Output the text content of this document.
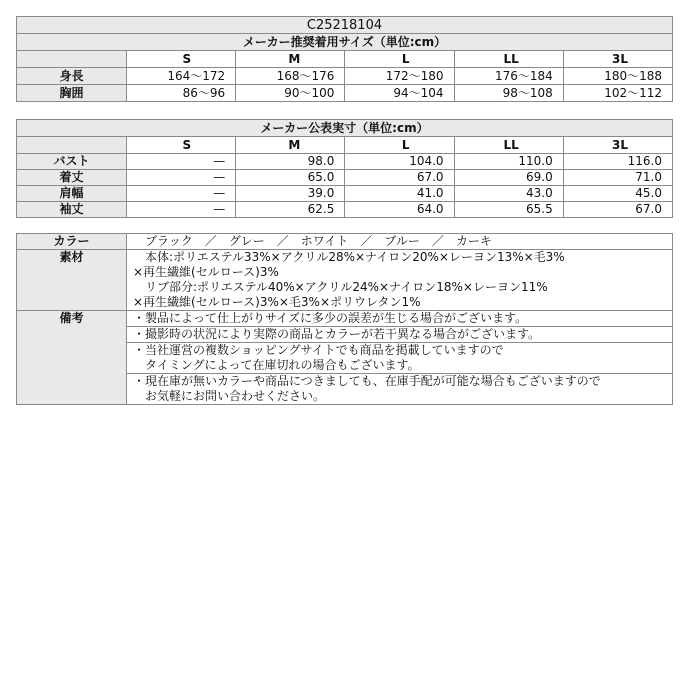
C25218104					
メーカー推奨着用サイズ（単位:cm）					
	S	M	L	LL	3L
身長	164〜172	168〜176	172〜180	176〜184	180〜188
胸囲	86〜96	90〜100	94〜104	98〜108	102〜112
メーカー公表実寸（単位:cm）					
	S	M	L	LL	3L
バスト	—	98.0	104.0	110.0	116.0
着丈	—	65.0	67.0	69.0	71.0
肩幅	—	39.0	41.0	43.0	45.0
袖丈	—	62.5	64.0	65.5	67.0
カラー	　ブラック　／　グレー　／　ホワイト　／　ブルー　／　カーキ
素材	　本体:ポリエステル33%×アクリル28%×ナイロン20%×レーヨン13%×毛3%
×再生繊維(セルロース)3%
　リブ部分:ポリエステル40%×アクリル24%×ナイロン18%×レーヨン11%
×再生繊維(セルロース)3%×毛3%×ポリウレタン1%

備考	・製品によって仕上がりサイズに多少の誤差が生じる場合がございます。
	・撮影時の状況により実際の商品とカラーが若干異なる場合がございます。

	・当社運営の複数ショッピングサイトでも商品を掲載していますので
　タイミングによって在庫切れの場合もございます。

	・現在庫が無いカラーや商品につきましても、在庫手配が可能な場合もございますので
　お気軽にお問い合わせください。
